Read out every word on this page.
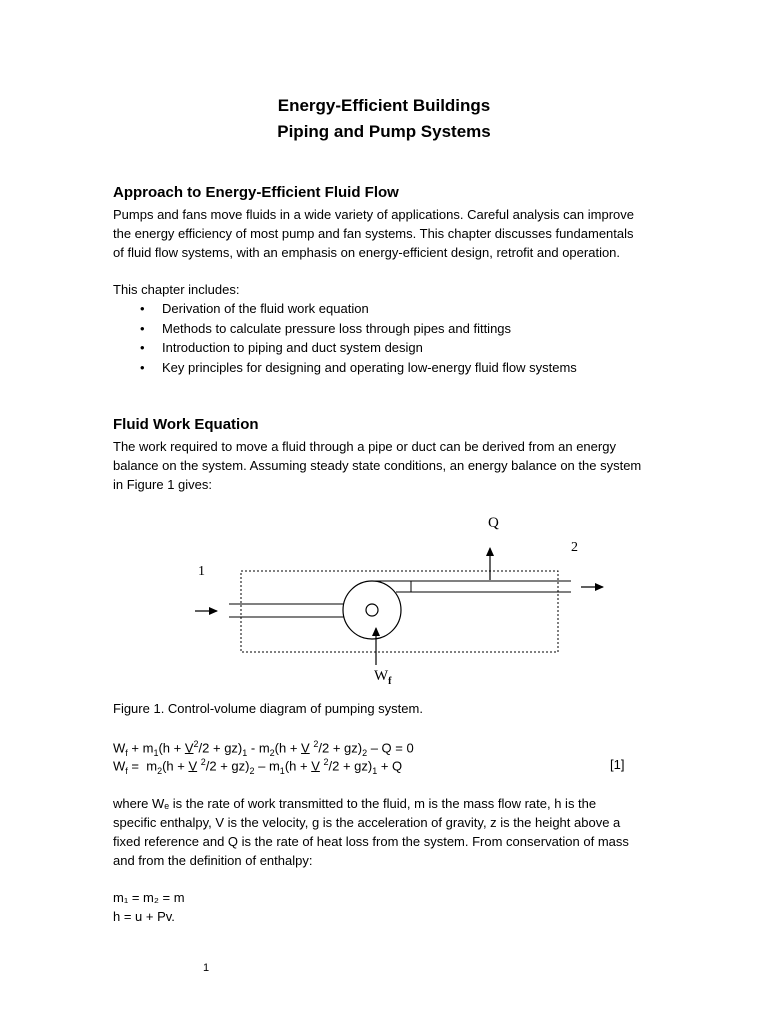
Energy-Efficient Buildings
Piping and Pump Systems
Approach to Energy-Efficient Fluid Flow
Pumps and fans move fluids in a wide variety of applications. Careful analysis can improve
the energy efficiency of most pump and fan systems. This chapter discusses fundamentals
of fluid flow systems, with an emphasis on energy-efficient design, retrofit and operation.
This chapter includes:
• Derivation of the fluid work equation
• Methods to calculate pressure loss through pipes and fittings
• Introduction to piping and duct system design
• Key principles for designing and operating low-energy fluid flow systems
Fluid Work Equation
The work required to move a fluid through a pipe or duct can be derived from an energy
balance on the system. Assuming steady state conditions, an energy balance on the system
in Figure 1 gives:
Q
2
1
$W_f$
Figure 1. Control-volume diagram of pumping system.
$W_f + m_1(h + V^2/2 + gz)_1 - m_2(h + V$ $^2/2 + gz)_2 - Q = 0$
$W_f = m_2(h + V$ $^2/2 + gz)_2 - m_1(h + V$ $^2/2 + gz)_1 + Q$	[1]
where Wₑ is the rate of work transmitted to the fluid, m is the mass flow rate, h is the
specific enthalpy, V is the velocity, g is the acceleration of gravity, z is the height above a
fixed reference and Q is the rate of heat loss from the system. From conservation of mass
and from the definition of enthalpy:
m₁ = m₂ = m
h = u + Pv.
1
